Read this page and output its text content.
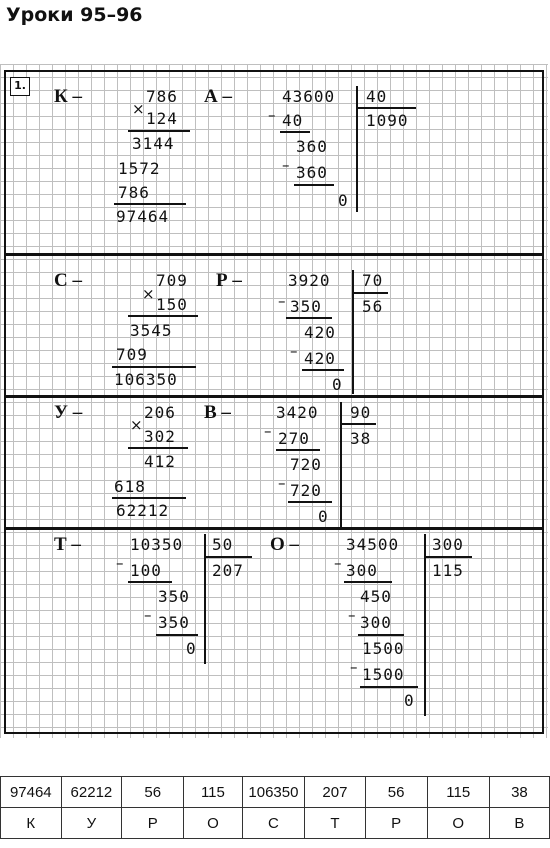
Уроки 95–96
1.
К –
×
786
124
3144
1572
786
97464
А –	43600 40
1090
– 40
360
– 360
0
С –
×
709
150
3545
709
106350
Р –	3920 70
56
– 350
420
– 420
0
У –
×
206
302
412
618
62212
В –	3420 90
38
– 270
720
– 720
0
Т –	10350 50
207
– 100
350
– 350
0
О –	34500 300
115
– 300
450
– 300
1500
– 1500
0
97464	62212	56	115	106350	207	56	115	38
К	У	Р	О	С	Т	Р	О	В
